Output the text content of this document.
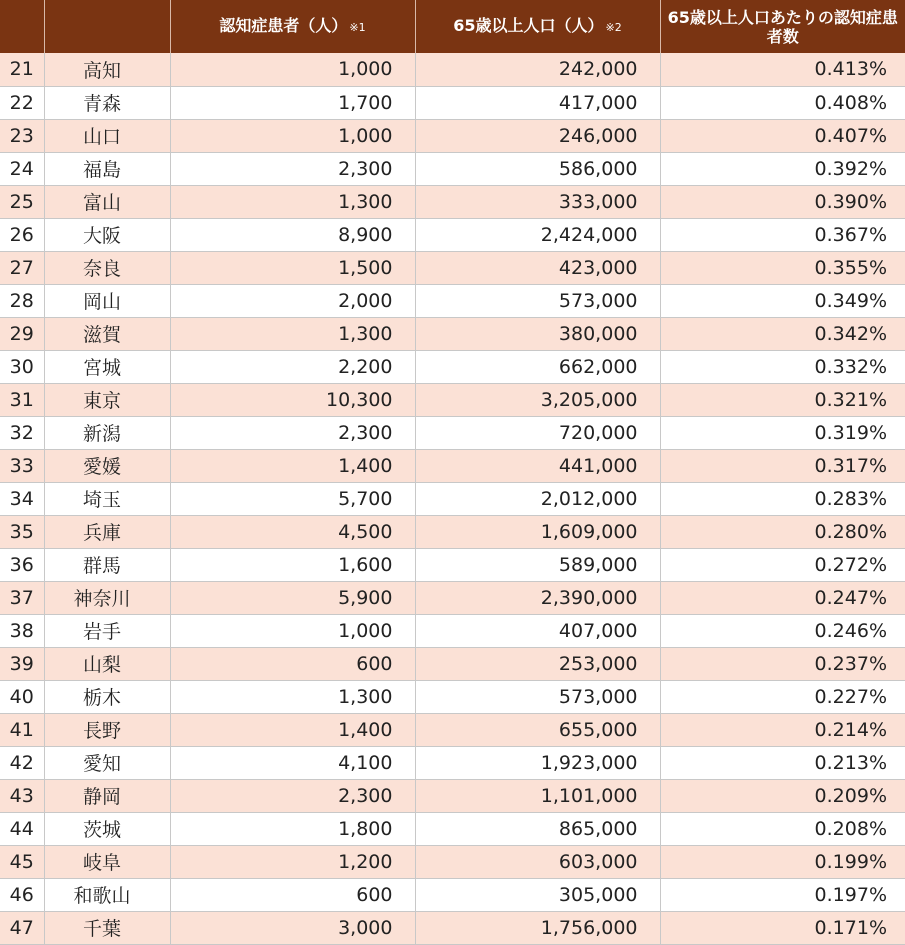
		認知症患者（人） ※1	65歳以上人口（人） ※2	65歳以上人口あたりの認知症患者数
21	高知	1,000	242,000	0.413%
22	青森	1,700	417,000	0.408%
23	山口	1,000	246,000	0.407%
24	福島	2,300	586,000	0.392%
25	富山	1,300	333,000	0.390%
26	大阪	8,900	2,424,000	0.367%
27	奈良	1,500	423,000	0.355%
28	岡山	2,000	573,000	0.349%
29	滋賀	1,300	380,000	0.342%
30	宮城	2,200	662,000	0.332%
31	東京	10,300	3,205,000	0.321%
32	新潟	2,300	720,000	0.319%
33	愛媛	1,400	441,000	0.317%
34	埼玉	5,700	2,012,000	0.283%
35	兵庫	4,500	1,609,000	0.280%
36	群馬	1,600	589,000	0.272%
37	神奈川	5,900	2,390,000	0.247%
38	岩手	1,000	407,000	0.246%
39	山梨	600	253,000	0.237%
40	栃木	1,300	573,000	0.227%
41	長野	1,400	655,000	0.214%
42	愛知	4,100	1,923,000	0.213%
43	静岡	2,300	1,101,000	0.209%
44	茨城	1,800	865,000	0.208%
45	岐阜	1,200	603,000	0.199%
46	和歌山	600	305,000	0.197%
47	千葉	3,000	1,756,000	0.171%
